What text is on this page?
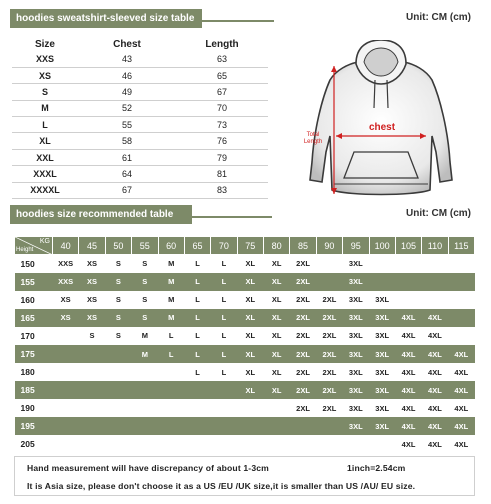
hoodies sweatshirt-sleeved size table	Unit: CM (cm)
Size	Chest	Length
XXS	43	63
XS	46	65
S	49	67
M	52	70
L	55	73
XL	58	76
XXL	61	79
XXXL	64	81
XXXXL	67	83
chest
Total
Length
hoodies size recommended table	Unit: CM (cm)
KG
Height	40	45	50	55	60	65	70	75	80	85	90	95	100	105	110	115
150	XXS	XS	S	S	M	L	L	XL	XL	2XL		3XL				
155	XXS	XS	S	S	M	L	L	XL	XL	2XL		3XL				
160	XS	XS	S	S	M	L	L	XL	XL	2XL	2XL	3XL	3XL			
165	XS	XS	S	S	M	L	L	XL	XL	2XL	2XL	3XL	3XL	4XL	4XL	
170		S	S	M	L	L	L	XL	XL	2XL	2XL	3XL	3XL	4XL	4XL	
175				M	L	L	L	XL	XL	2XL	2XL	3XL	3XL	4XL	4XL	4XL
180						L	L	XL	XL	2XL	2XL	3XL	3XL	4XL	4XL	4XL
185								XL	XL	2XL	2XL	3XL	3XL	4XL	4XL	4XL
190										2XL	2XL	3XL	3XL	4XL	4XL	4XL
195												3XL	3XL	4XL	4XL	4XL
205														4XL	4XL	4XL
Hand measurement will have discrepancy of about 1-3cm	1inch=2.54cm
It is Asia size, please don't choose it as a US /EU /UK size,it is smaller than US /AU/ EU size.
